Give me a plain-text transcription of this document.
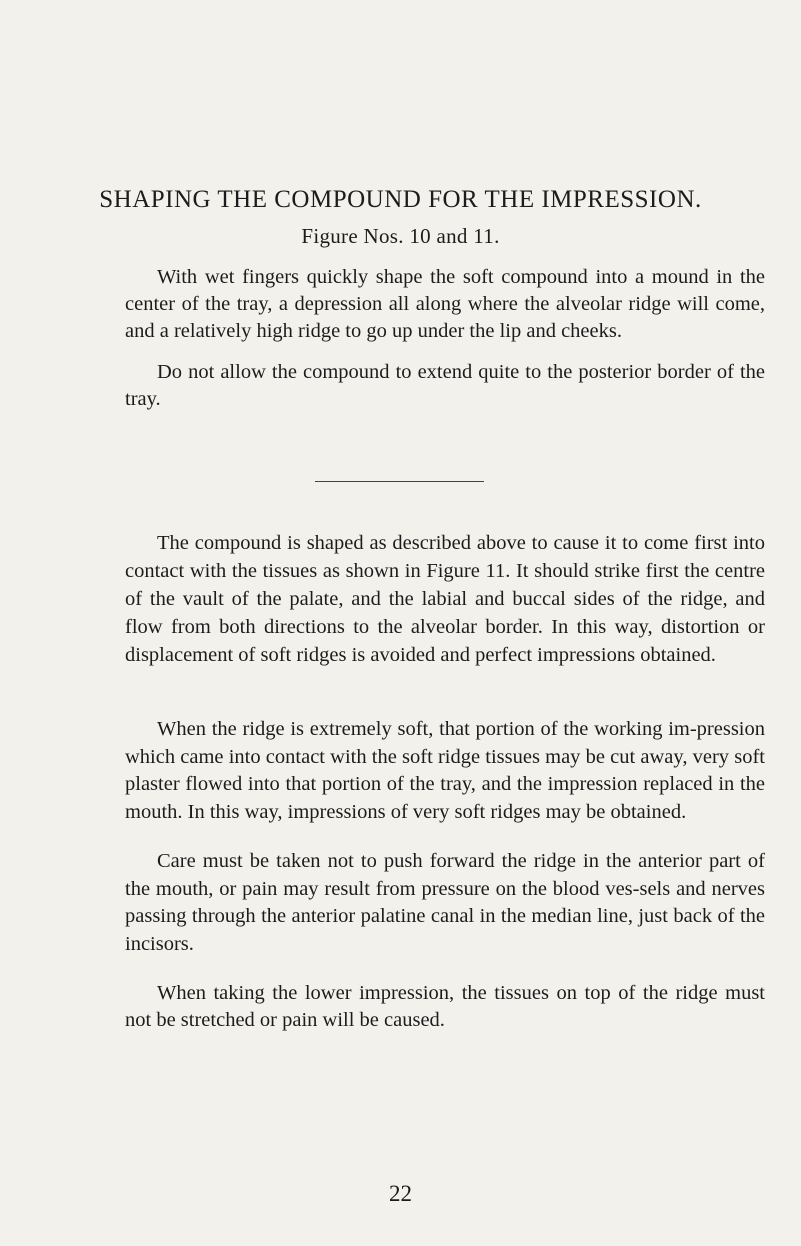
SHAPING THE COMPOUND FOR THE IMPRESSION.
Figure Nos. 10 and 11.

With wet fingers quickly shape the soft compound into a mound in the center of the tray, a depression all along where the alveolar ridge will come, and a relatively high ridge to go up under the lip and cheeks.

Do not allow the compound to extend quite to the posterior border of the tray.

The compound is shaped as described above to cause it to come first into contact with the tissues as shown in Figure 11. It should strike first the centre of the vault of the palate, and the labial and buccal sides of the ridge, and flow from both directions to the alveolar border. In this way, distortion or displacement of soft ridges is avoided and perfect impressions obtained.

When the ridge is extremely soft, that portion of the working im-pression which came into contact with the soft ridge tissues may be cut away, very soft plaster flowed into that portion of the tray, and the impression replaced in the mouth. In this way, impressions of very soft ridges may be obtained.

Care must be taken not to push forward the ridge in the anterior part of the mouth, or pain may result from pressure on the blood ves-sels and nerves passing through the anterior palatine canal in the median line, just back of the incisors.

When taking the lower impression, the tissues on top of the ridge must not be stretched or pain will be caused.

22
